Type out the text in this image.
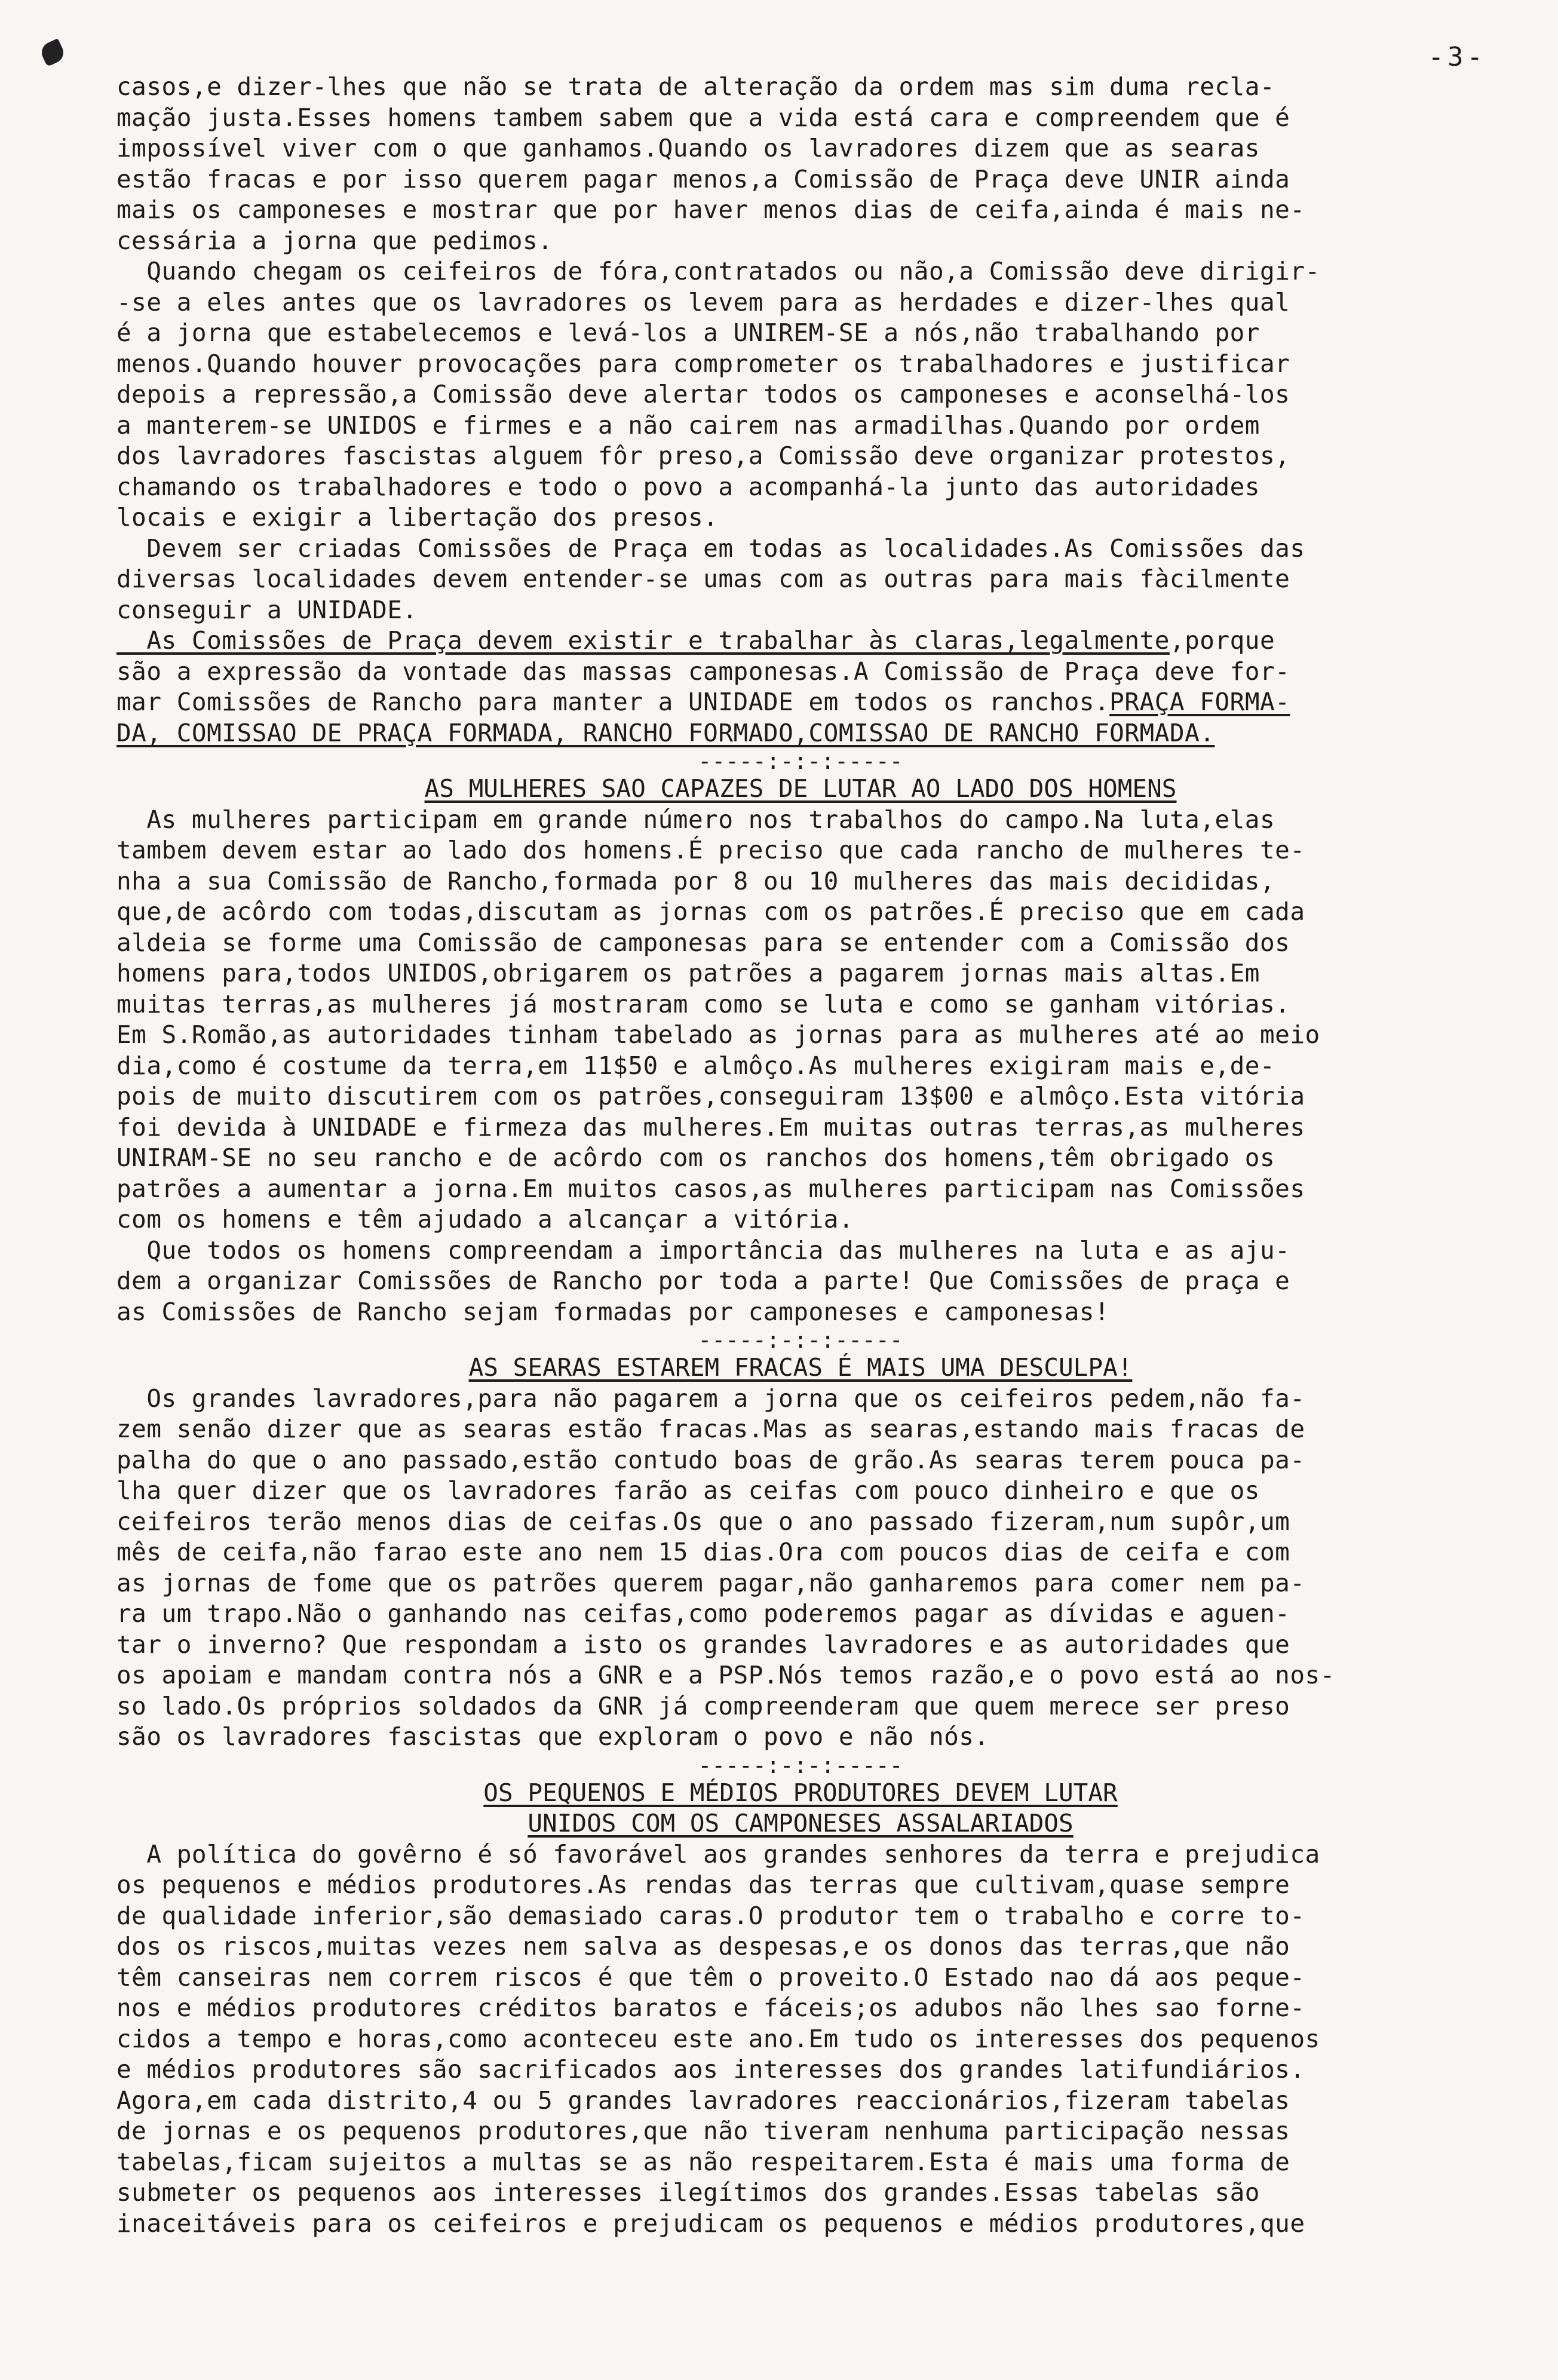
-3-
casos,e dizer-lhes que não se trata de alteração da ordem mas sim duma recla-
mação justa.Esses homens tambem sabem que a vida está cara e compreendem que é
impossível viver com o que ganhamos.Quando os lavradores dizem que as searas
estão fracas e por isso querem pagar menos,a Comissão de Praça deve UNIR ainda
mais os camponeses e mostrar que por haver menos dias de ceifa,ainda é mais ne-
cessária a jorna que pedimos.
Quando chegam os ceifeiros de fóra,contratados ou não,a Comissão deve dirigir-
-se a eles antes que os lavradores os levem para as herdades e dizer-lhes qual
é a jorna que estabelecemos e levá-los a UNIREM-SE a nós,não trabalhando por
menos.Quando houver provocações para comprometer os trabalhadores e justificar
depois a repressão,a Comissão deve alertar todos os camponeses e aconselhá-los
a manterem-se UNIDOS e firmes e a não cairem nas armadilhas.Quando por ordem
dos lavradores fascistas alguem fôr preso,a Comissão deve organizar protestos,
chamando os trabalhadores e todo o povo a acompanhá-la junto das autoridades
locais e exigir a libertação dos presos.
Devem ser criadas Comissões de Praça em todas as localidades.As Comissões das
diversas localidades devem entender-se umas com as outras para mais fàcilmente
conseguir a UNIDADE.
As Comissões de Praça devem existir e trabalhar às claras,legalmente,porque
são a expressão da vontade das massas camponesas.A Comissão de Praça deve for-
mar Comissões de Rancho para manter a UNIDADE em todos os ranchos.PRAÇA FORMA-
DA, COMISSAO DE PRAÇA FORMADA, RANCHO FORMADO,COMISSAO DE RANCHO FORMADA.
-----:-:-:-----
AS MULHERES SAO CAPAZES DE LUTAR AO LADO DOS HOMENS
As mulheres participam em grande número nos trabalhos do campo.Na luta,elas
tambem devem estar ao lado dos homens.É preciso que cada rancho de mulheres te-
nha a sua Comissão de Rancho,formada por 8 ou 10 mulheres das mais decididas,
que,de acôrdo com todas,discutam as jornas com os patrões.É preciso que em cada
aldeia se forme uma Comissão de camponesas para se entender com a Comissão dos
homens para,todos UNIDOS,obrigarem os patrões a pagarem jornas mais altas.Em
muitas terras,as mulheres já mostraram como se luta e como se ganham vitórias.
Em S.Romão,as autoridades tinham tabelado as jornas para as mulheres até ao meio
dia,como é costume da terra,em 11$50 e almôço.As mulheres exigiram mais e,de-
pois de muito discutirem com os patrões,conseguiram 13$00 e almôço.Esta vitória
foi devida à UNIDADE e firmeza das mulheres.Em muitas outras terras,as mulheres
UNIRAM-SE no seu rancho e de acôrdo com os ranchos dos homens,têm obrigado os
patrões a aumentar a jorna.Em muitos casos,as mulheres participam nas Comissões
com os homens e têm ajudado a alcançar a vitória.
Que todos os homens compreendam a importância das mulheres na luta e as aju-
dem a organizar Comissões de Rancho por toda a parte! Que Comissões de praça e
as Comissões de Rancho sejam formadas por camponeses e camponesas!
-----:-:-:-----
AS SEARAS ESTAREM FRACAS É MAIS UMA DESCULPA!
Os grandes lavradores,para não pagarem a jorna que os ceifeiros pedem,não fa-
zem senão dizer que as searas estão fracas.Mas as searas,estando mais fracas de
palha do que o ano passado,estão contudo boas de grão.As searas terem pouca pa-
lha quer dizer que os lavradores farão as ceifas com pouco dinheiro e que os
ceifeiros terão menos dias de ceifas.Os que o ano passado fizeram,num supôr,um
mês de ceifa,não farao este ano nem 15 dias.Ora com poucos dias de ceifa e com
as jornas de fome que os patrões querem pagar,não ganharemos para comer nem pa-
ra um trapo.Não o ganhando nas ceifas,como poderemos pagar as dívidas e aguen-
tar o inverno? Que respondam a isto os grandes lavradores e as autoridades que
os apoiam e mandam contra nós a GNR e a PSP.Nós temos razão,e o povo está ao nos-
so lado.Os próprios soldados da GNR já compreenderam que quem merece ser preso
são os lavradores fascistas que exploram o povo e não nós.
-----:-:-:-----
OS PEQUENOS E MÉDIOS PRODUTORES DEVEM LUTAR
UNIDOS COM OS CAMPONESES ASSALARIADOS
A política do govêrno é só favorável aos grandes senhores da terra e prejudica
os pequenos e médios produtores.As rendas das terras que cultivam,quase sempre
de qualidade inferior,são demasiado caras.O produtor tem o trabalho e corre to-
dos os riscos,muitas vezes nem salva as despesas,e os donos das terras,que não
têm canseiras nem correm riscos é que têm o proveito.O Estado nao dá aos peque-
nos e médios produtores créditos baratos e fáceis;os adubos não lhes sao forne-
cidos a tempo e horas,como aconteceu este ano.Em tudo os interesses dos pequenos
e médios produtores são sacrificados aos interesses dos grandes latifundiários.
Agora,em cada distrito,4 ou 5 grandes lavradores reaccionários,fizeram tabelas
de jornas e os pequenos produtores,que não tiveram nenhuma participação nessas
tabelas,ficam sujeitos a multas se as não respeitarem.Esta é mais uma forma de
submeter os pequenos aos interesses ilegítimos dos grandes.Essas tabelas são
inaceitáveis para os ceifeiros e prejudicam os pequenos e médios produtores,que
